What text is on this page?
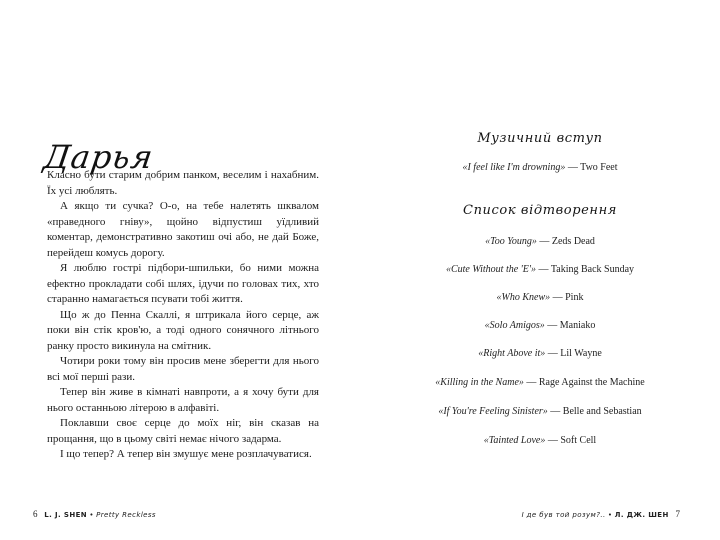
Дарья

Класно бути старим добрим панком, веселим і нахабним. Їх усі люблять.

А якщо ти сучка? О-о, на тебе налетять шквалом «праведного гніву», щойно відпустиш уїдливий коментар, демонстративно закотиш очі або, не дай Боже, перейдеш комусь дорогу.

Я люблю гострі підбори-шпильки, бо ними можна ефектно прокладати собі шлях, ідучи по головах тих, хто старанно намагається псувати тобі життя.

Що ж до Пенна Скаллі, я штрикала його серце, аж поки він стік кров'ю, а тоді одного сонячного літнього ранку просто викинула на смітник.

Чотири роки тому він просив мене зберегти для нього всі мої перші рази.

Тепер він живе в кімнаті навпроти, а я хочу бути для нього останньою літерою в алфавіті.

Поклавши своє серце до моїх ніг, він сказав на прощання, що в цьому світі немає нічого задарма.

І що тепер? А тепер він змушує мене розплачуватися.

6 L. J. SHEN • Pretty Reckless
Музичний вступ
«I feel like I'm drowning» — Two Feet
Список відтворення
«Too Young» — Zeds Dead
«Cute Without the 'E'» — Taking Back Sunday
«Who Knew» — Pink
«Solo Amigos» — Maniako
«Right Above it» — Lil Wayne
«Killing in the Name» — Rage Against the Machine
«If You're Feeling Sinister» — Belle and Sebastian
«Tainted Love» — Soft Cell
І де був той розум?.. • Л. ДЖ. ШЕН 7
